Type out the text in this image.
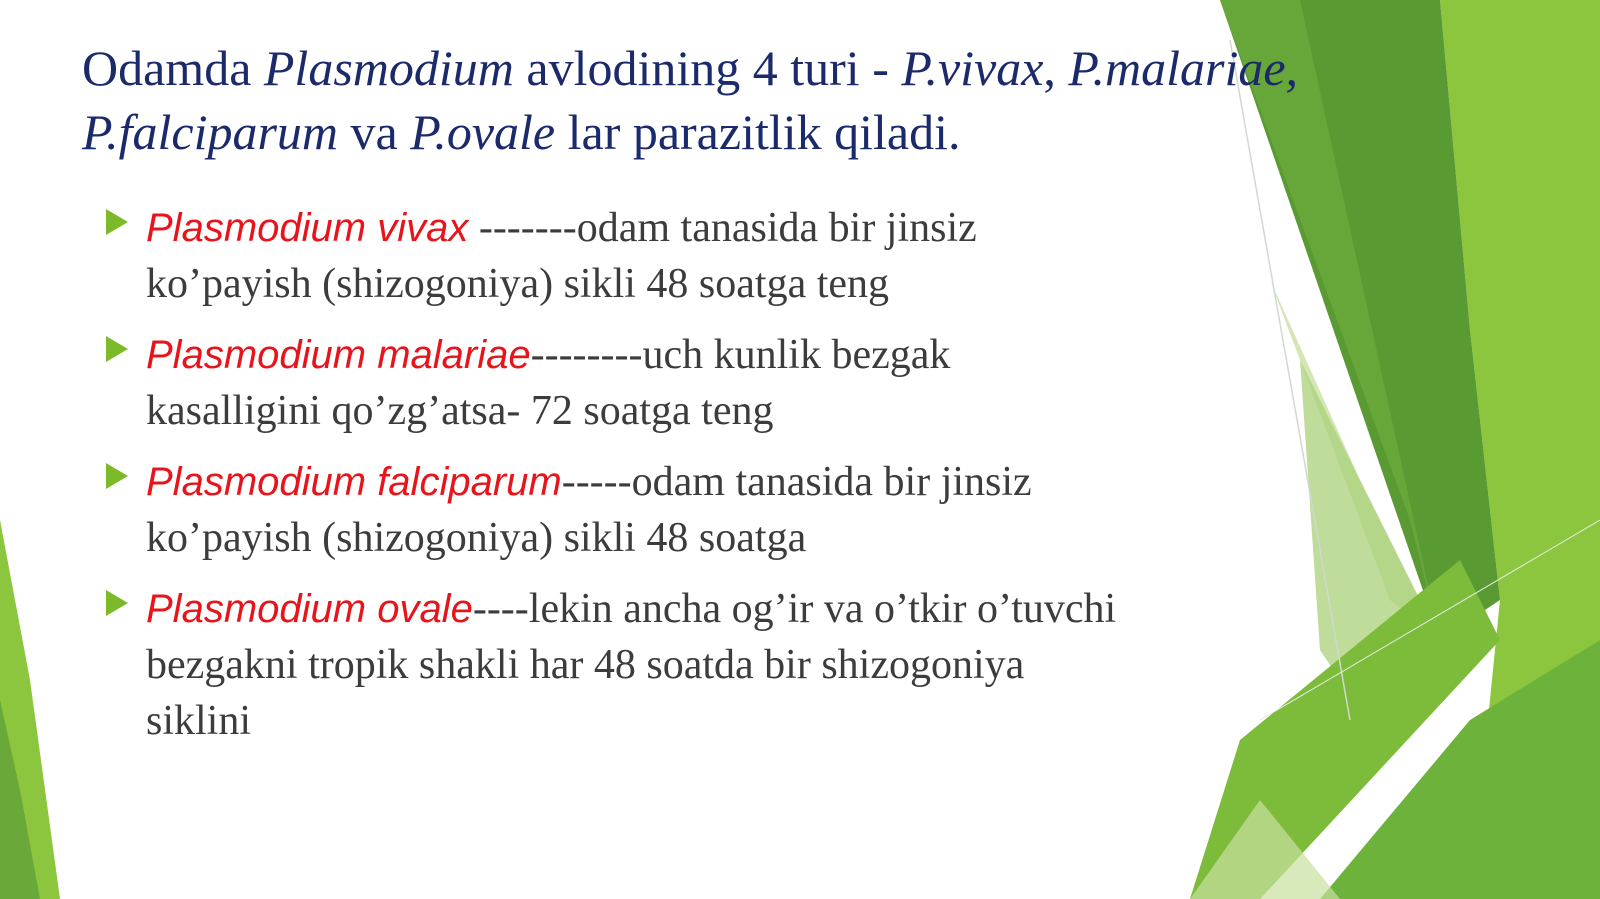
Odamda Plasmodium avlodining 4 turi - P.vivax, P.malariae,
P.falciparum va P.ovale lar parazitlik qiladi.
Plasmodium vivax -------odam tanasida bir jinsiz
ko’payish (shizogoniya) sikli 48 soatga teng
Plasmodium malariae--------uch kunlik bezgak
kasalligini qo’zg’atsa- 72 soatga teng
Plasmodium falciparum-----odam tanasida bir jinsiz
ko’payish (shizogoniya) sikli 48 soatga
Plasmodium ovale----lekin ancha og’ir va o’tkir o’tuvchi
bezgakni tropik shakli har 48 soatda bir shizogoniya
siklini
